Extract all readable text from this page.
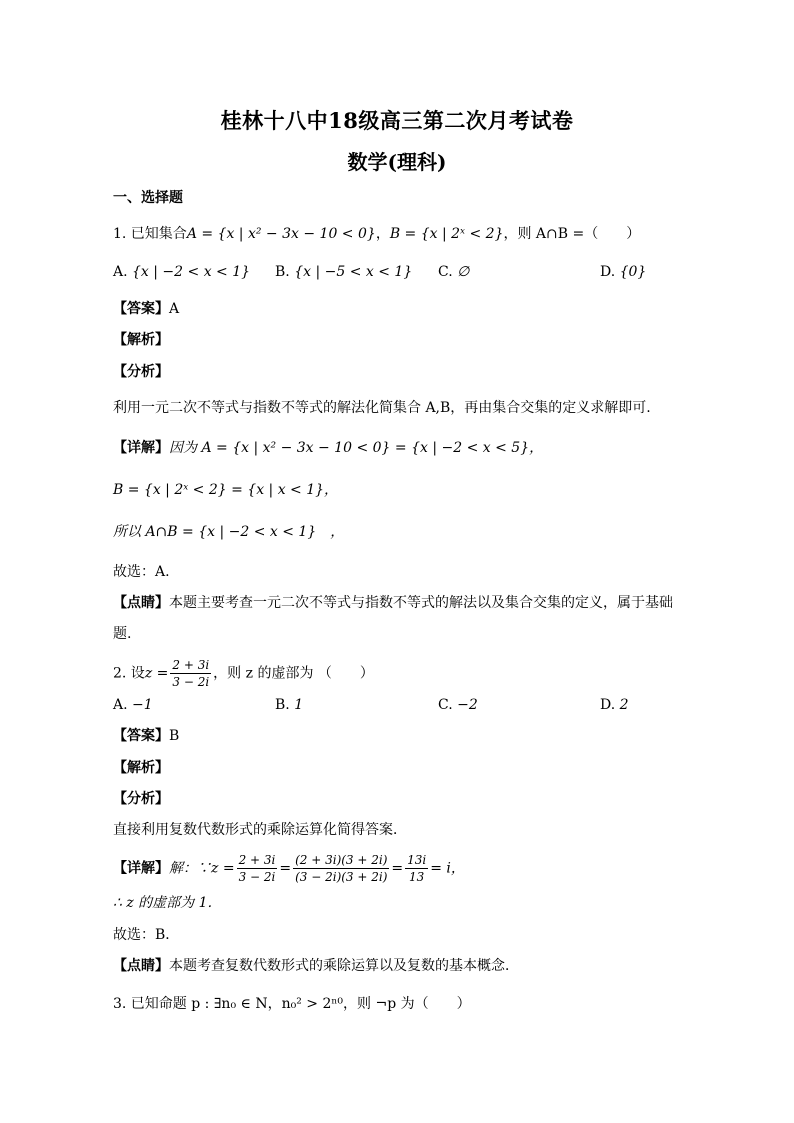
桂林十八中18级高三第二次月考试卷
数学(理科)
一、选择题
1. 已知集合A = {x | x² − 3x − 10 < 0}，B = {x | 2ˣ < 2}，则 A∩B =（　　）
A. {x | −2 < x < 1} B. {x | −5 < x < 1} C. ∅	D. {0}
【答案】A
【解析】
【分析】
利用一元二次不等式与指数不等式的解法化简集合 A,B，再由集合交集的定义求解即可.
【详解】因为 A = {x | x² − 3x − 10 < 0} = {x | −2 < x < 5}，
B = {x | 2ˣ < 2} = {x | x < 1}，
所以 A∩B = {x | −2 < x < 1}　，
故选：A.
【点睛】本题主要考查一元二次不等式与指数不等式的解法以及集合交集的定义，属于基础
题.
2. 设$z = \frac{2 + 3i}{3 - 2i}$ ，则 z 的虚部为 （　　）
A. −1	B. 1	C. −2	D. 2
【答案】B
【解析】
【分析】
直接利用复数代数形式的乘除运算化简得答案．
【详解】解：∵z = $\frac{2 + 3i}{3 - 2i} = \frac{(2 + 3i)(3 + 2i)}{(3 - 2i)(3 + 2i)} = \frac{13i}{13} = i$，
∴ z 的虚部为 1．
故选：B．
【点睛】本题考查复数代数形式的乘除运算以及复数的基本概念．
3. 已知命题 p : ∃n₀ ∈ N，n₀² > 2ⁿ⁰，则 ¬p 为（　　）
